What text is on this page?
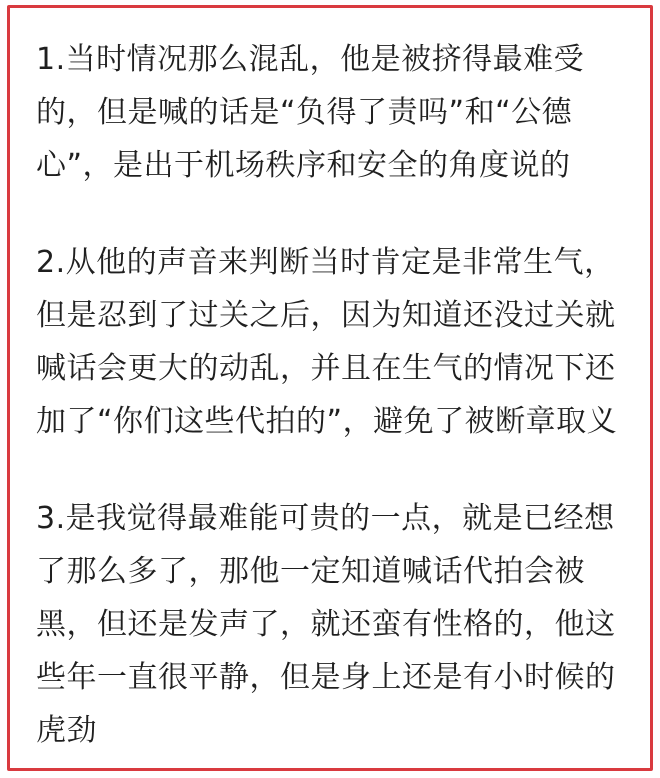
1.当时情况那么混乱，他是被挤得最难受
的，但是喊的话是“负得了责吗”和“公德
心”，是出于机场秩序和安全的角度说的
2.从他的声音来判断当时肯定是非常生气，
但是忍到了过关之后，因为知道还没过关就
喊话会更大的动乱，并且在生气的情况下还
加了“你们这些代拍的”，避免了被断章取义
3.是我觉得最难能可贵的一点，就是已经想
了那么多了，那他一定知道喊话代拍会被
黑，但还是发声了，就还蛮有性格的，他这
些年一直很平静，但是身上还是有小时候的
虎劲
